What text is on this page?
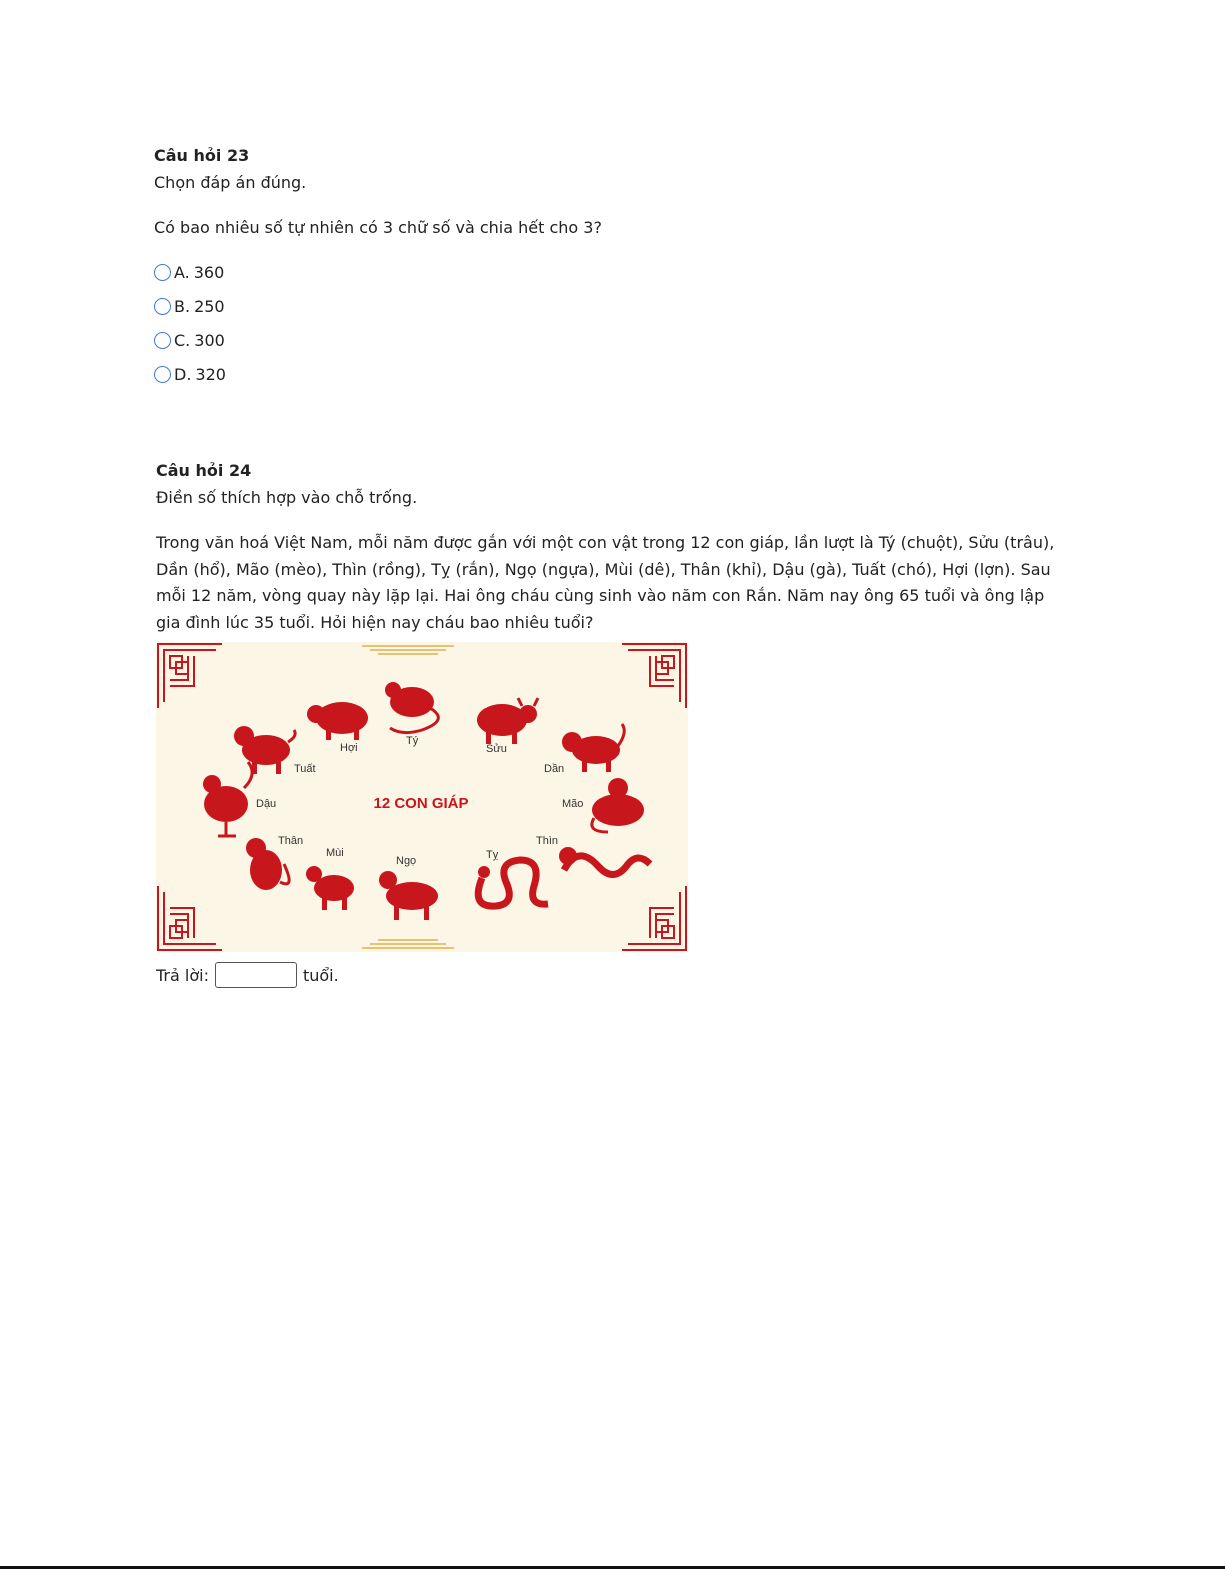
Câu hỏi 23
Chọn đáp án đúng.
Có bao nhiêu số tự nhiên có 3 chữ số và chia hết cho 3?
A. 360
B. 250
C. 300
D. 320
Câu hỏi 24
Điền số thích hợp vào chỗ trống.
Trong văn hoá Việt Nam, mỗi năm được gắn với một con vật trong 12 con giáp, lần lượt là Tý (chuột), Sửu (trâu), Dần (hổ), Mão (mèo), Thìn (rồng), Tỵ (rắn), Ngọ (ngựa), Mùi (dê), Thân (khỉ), Dậu (gà), Tuất (chó), Hợi (lợn). Sau mỗi 12 năm, vòng quay này lặp lại. Hai ông cháu cùng sinh vào năm con Rắn. Năm nay ông 65 tuổi và ông lập gia đình lúc 35 tuổi. Hỏi hiện nay cháu bao nhiêu tuổi?
Tý
Sửu
Dần
Mão
Thìn
Tỵ
Ngọ
Mùi
Thân
Dậu
Tuất
Hợi
12 CON GIÁP
Trả lời:	tuổi.
